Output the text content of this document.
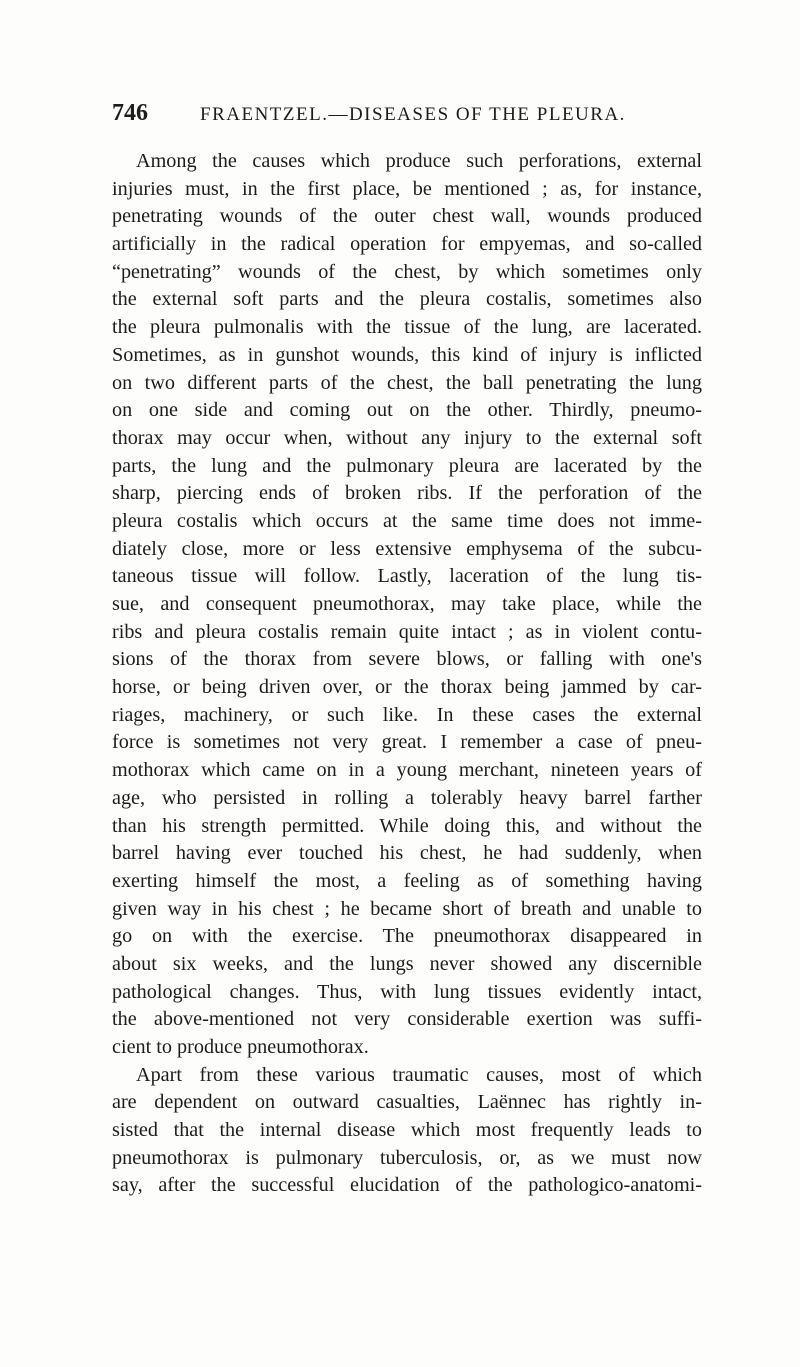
746	FRAENTZEL.—DISEASES OF THE PLEURA.
Among the causes which produce such perforations, external
injuries must, in the first place, be mentioned ; as, for instance,
penetrating wounds of the outer chest wall, wounds produced
artificially in the radical operation for empyemas, and so-called
“penetrating” wounds of the chest, by which sometimes only
the external soft parts and the pleura costalis, sometimes also
the pleura pulmonalis with the tissue of the lung, are lacerated.
Sometimes, as in gunshot wounds, this kind of injury is inflicted
on two different parts of the chest, the ball penetrating the lung
on one side and coming out on the other. Thirdly, pneumo-
thorax may occur when, without any injury to the external soft
parts, the lung and the pulmonary pleura are lacerated by the
sharp, piercing ends of broken ribs. If the perforation of the
pleura costalis which occurs at the same time does not imme-
diately close, more or less extensive emphysema of the subcu-
taneous tissue will follow. Lastly, laceration of the lung tis-
sue, and consequent pneumothorax, may take place, while the
ribs and pleura costalis remain quite intact ; as in violent contu-
sions of the thorax from severe blows, or falling with one's
horse, or being driven over, or the thorax being jammed by car-
riages, machinery, or such like. In these cases the external
force is sometimes not very great. I remember a case of pneu-
mothorax which came on in a young merchant, nineteen years of
age, who persisted in rolling a tolerably heavy barrel farther
than his strength permitted. While doing this, and without the
barrel having ever touched his chest, he had suddenly, when
exerting himself the most, a feeling as of something having
given way in his chest ; he became short of breath and unable to
go on with the exercise. The pneumothorax disappeared in
about six weeks, and the lungs never showed any discernible
pathological changes. Thus, with lung tissues evidently intact,
the above-mentioned not very considerable exertion was suffi-
cient to produce pneumothorax.
Apart from these various traumatic causes, most of which
are dependent on outward casualties, Laënnec has rightly in-
sisted that the internal disease which most frequently leads to
pneumothorax is pulmonary tuberculosis, or, as we must now
say, after the successful elucidation of the pathologico-anatomi-
